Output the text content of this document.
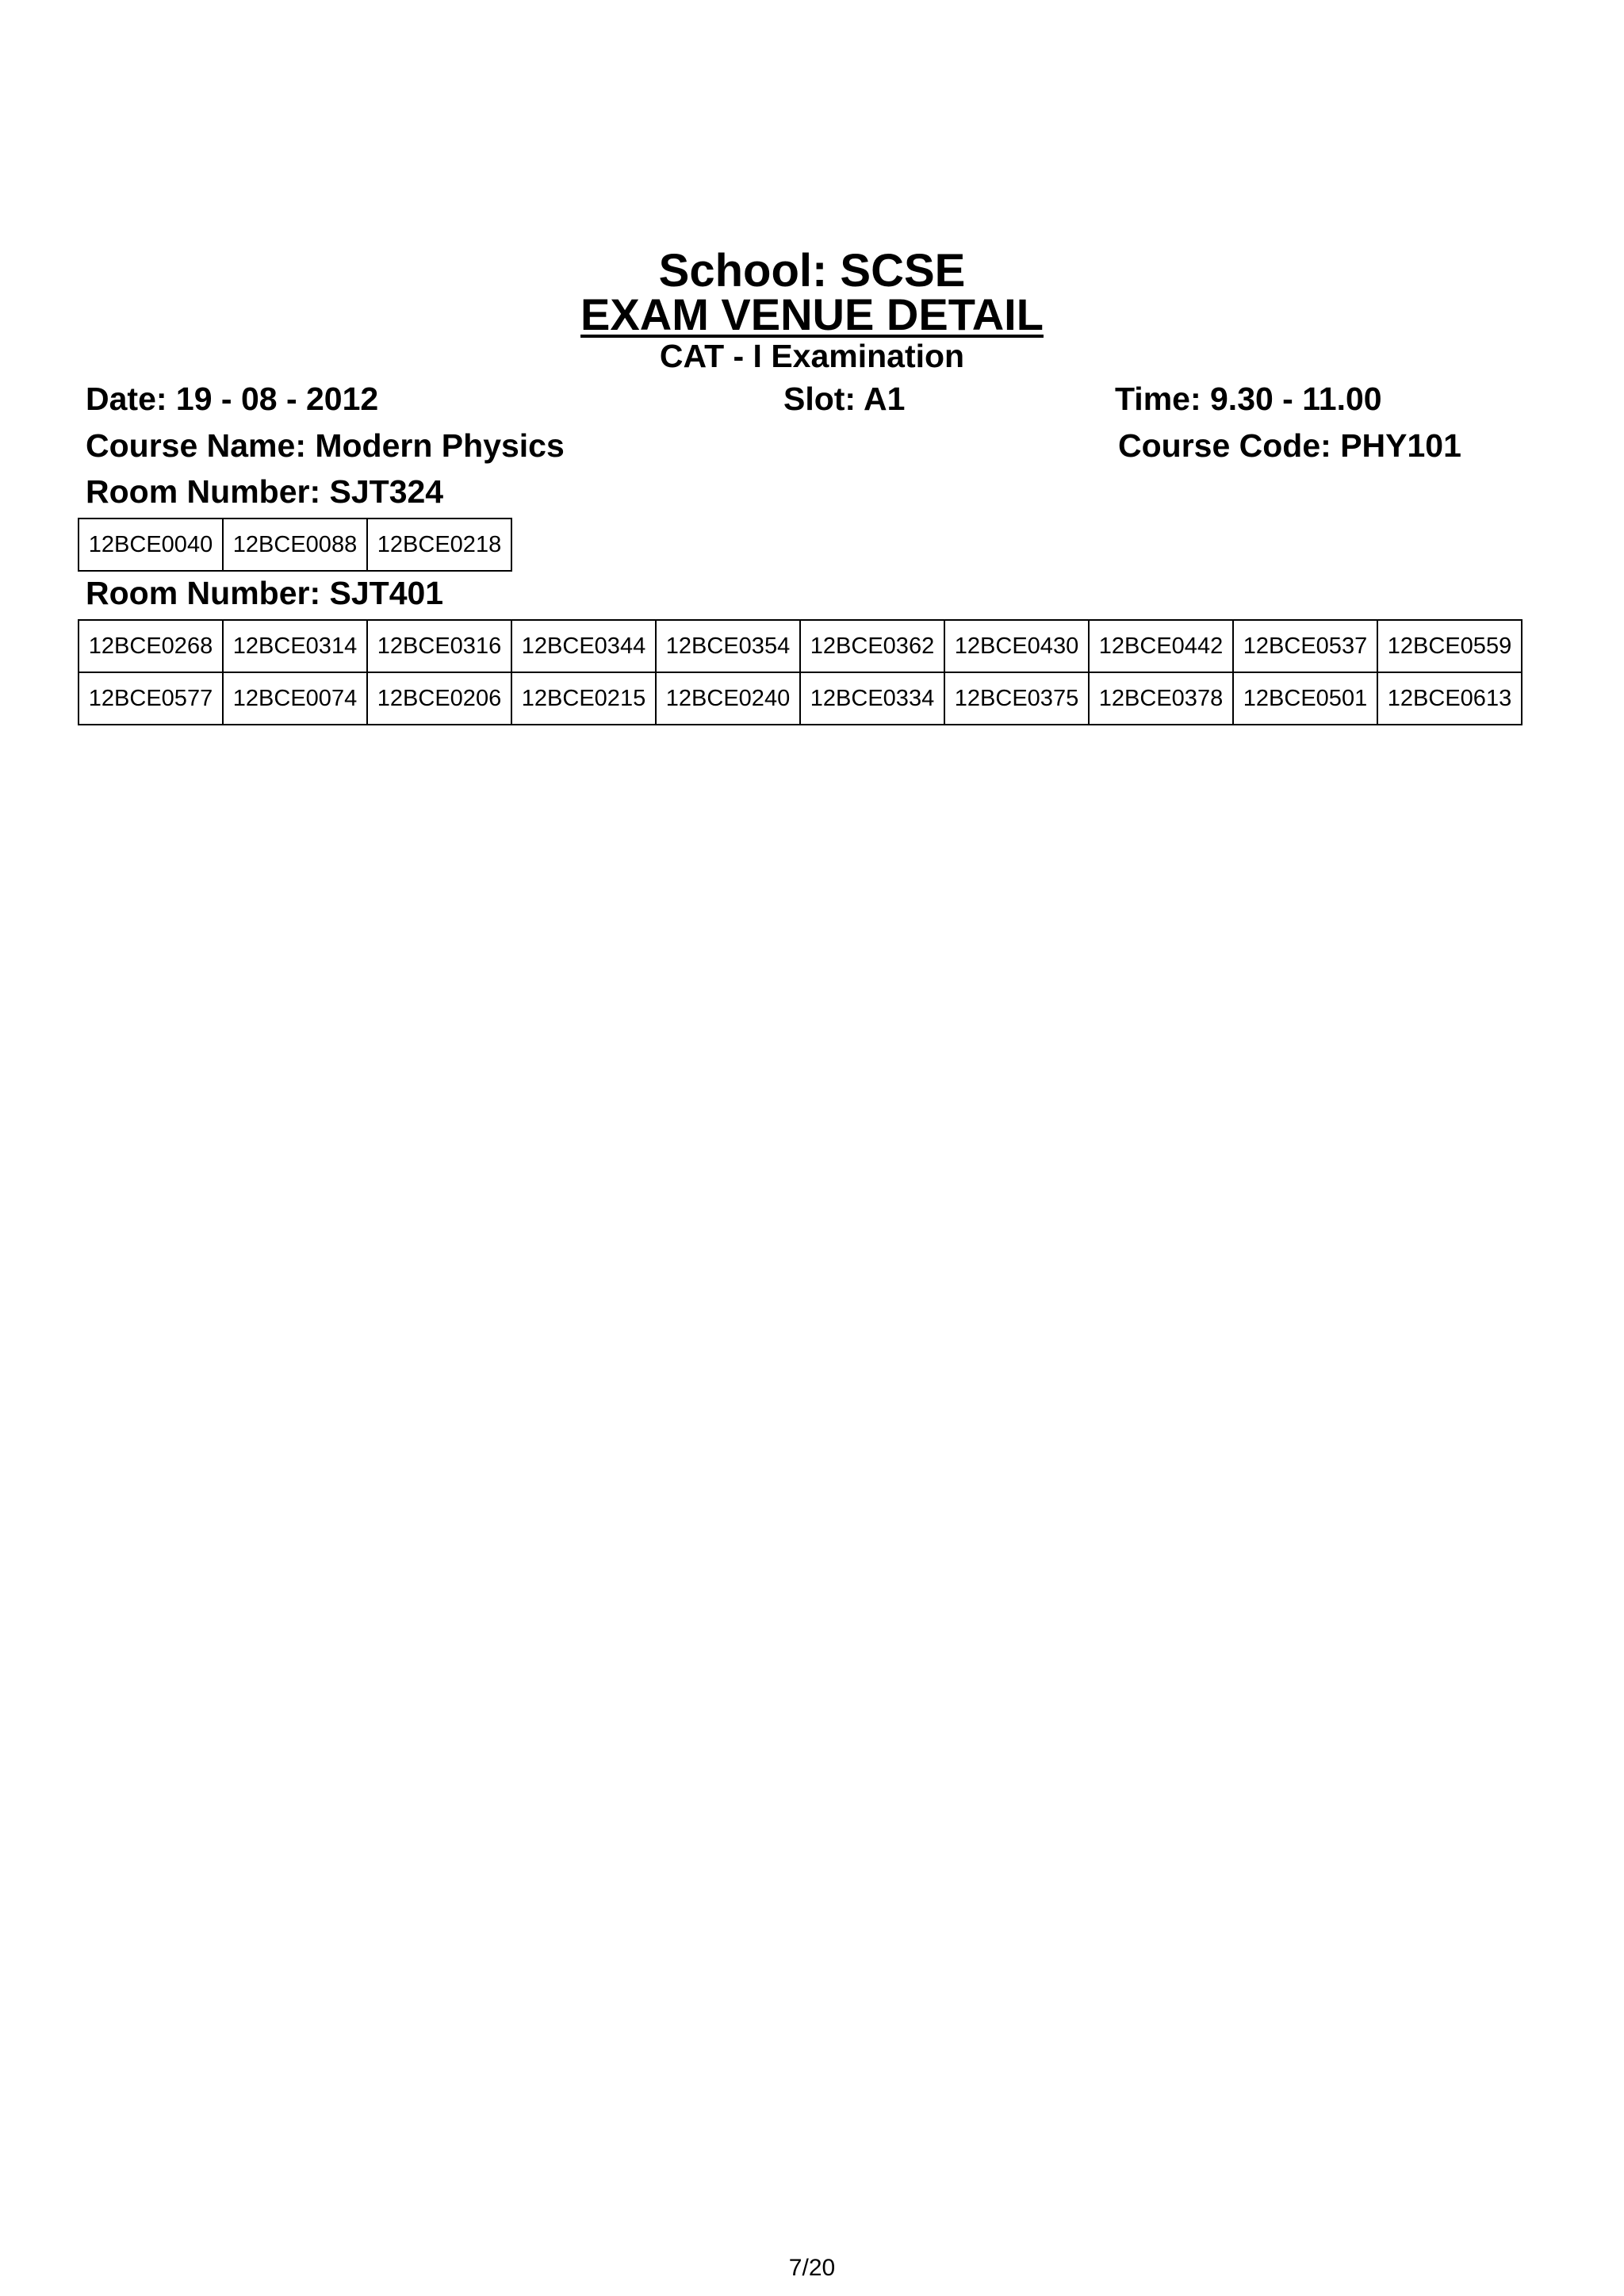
School: SCSE
EXAM VENUE DETAIL
CAT - I Examination
Date: 19 - 08 - 2012	Slot: A1	Time: 9.30 - 11.00
Course Name: Modern Physics	Course Code: PHY101
Room Number: SJT324
12BCE0040	12BCE0088	12BCE0218
Room Number: SJT401
12BCE0268	12BCE0314	12BCE0316	12BCE0344	12BCE0354	12BCE0362	12BCE0430	12BCE0442	12BCE0537	12BCE0559
12BCE0577	12BCE0074	12BCE0206	12BCE0215	12BCE0240	12BCE0334	12BCE0375	12BCE0378	12BCE0501	12BCE0613
7/20
